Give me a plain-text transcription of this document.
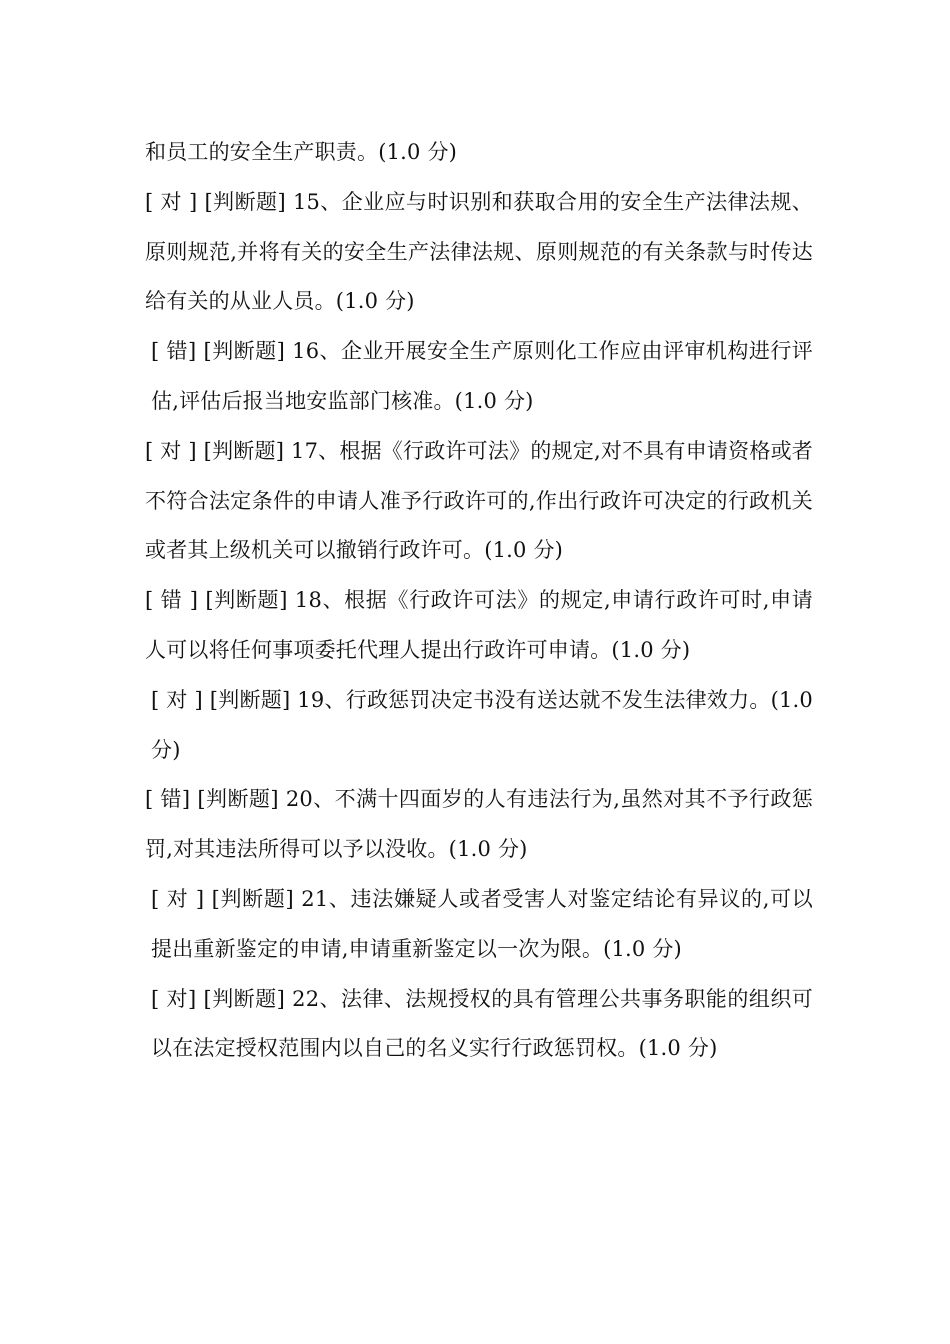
和员工的安全生产职责。(1.0 分)

[ 对 ] [判断题] 15、企业应与时识别和获取合用的安全生产法律法规、原则规范,并将有关的安全生产法律法规、原则规范的有关条款与时传达给有关的从业人员。(1.0 分)

[ 错] [判断题] 16、企业开展安全生产原则化工作应由评审机构进行评估,评估后报当地安监部门核准。(1.0 分)

[ 对 ] [判断题] 17、根据《行政许可法》的规定,对不具有申请资格或者不符合法定条件的申请人准予行政许可的,作出行政许可决定的行政机关或者其上级机关可以撤销行政许可。(1.0 分)

[ 错 ] [判断题] 18、根据《行政许可法》的规定,申请行政许可时,申请人可以将任何事项委托代理人提出行政许可申请。(1.0 分)

[ 对 ] [判断题] 19、行政惩罚决定书没有送达就不发生法律效力。(1.0 分)

[ 错] [判断题] 20、不满十四面岁的人有违法行为,虽然对其不予行政惩罚,对其违法所得可以予以没收。(1.0 分)

[ 对 ] [判断题] 21、违法嫌疑人或者受害人对鉴定结论有异议的,可以提出重新鉴定的申请,申请重新鉴定以一次为限。(1.0 分)

[ 对] [判断题] 22、法律、法规授权的具有管理公共事务职能的组织可以在法定授权范围内以自己的名义实行行政惩罚权。(1.0 分)
